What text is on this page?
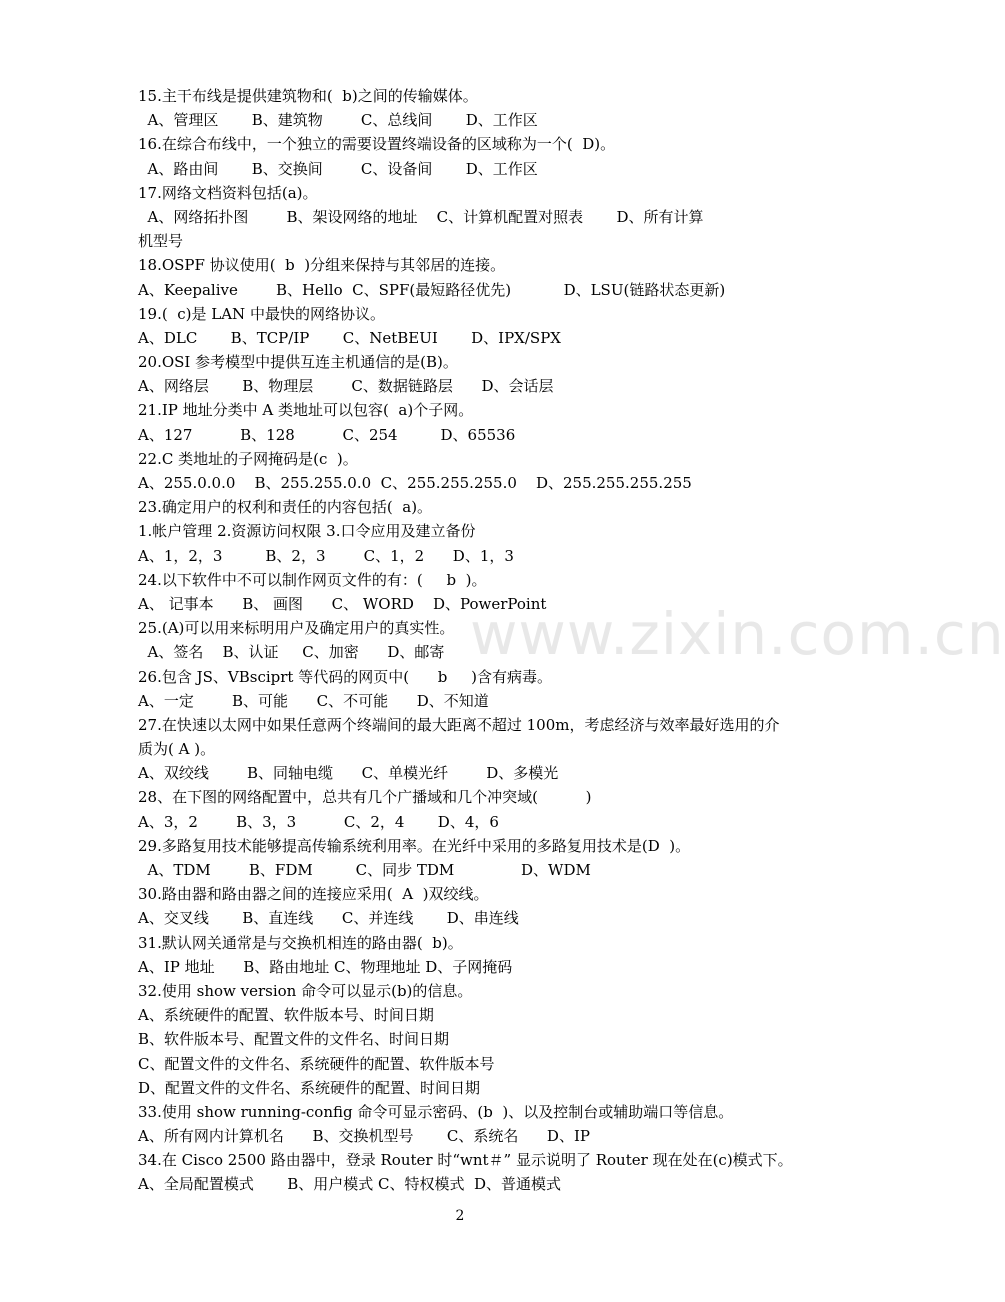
www.zixin.com.cn
15.主干布线是提供建筑物和(  b)之间的传输媒体。
A、管理区       B、建筑物        C、总线间       D、工作区
16.在综合布线中，一个独立的需要设置终端设备的区域称为一个(  D)。
A、路由间       B、交换间        C、设备间       D、工作区
17.网络文档资料包括(a)。
A、网络拓扑图        B、架设网络的地址    C、计算机配置对照表       D、所有计算
机型号
18.OSPF 协议使用(  b  )分组来保持与其邻居的连接。
A、Keepalive        B、Hello  C、SPF(最短路径优先)           D、LSU(链路状态更新)
19.(  c)是 LAN 中最快的网络协议。
A、DLC       B、TCP/IP       C、NetBEUI       D、IPX/SPX
20.OSI 参考模型中提供互连主机通信的是(B)。
A、网络层       B、物理层        C、数据链路层      D、会话层
21.IP 地址分类中 A 类地址可以包容(  a)个子网。
A、127          B、128          C、254         D、65536
22.C 类地址的子网掩码是(c  )。
A、255.0.0.0    B、255.255.0.0  C、255.255.255.0    D、255.255.255.255
23.确定用户的权利和责任的内容包括(  a)。
1.帐户管理 2.资源访问权限 3.口令应用及建立备份
A、1，2，3         B、2，3        C、1，2      D、1，3
24.以下软件中不可以制作网页文件的有：(     b  )。
A、 记事本      B、 画图      C、 WORD    D、PowerPoint
25.(A)可以用来标明用户及确定用户的真实性。
A、签名    B、认证     C、加密      D、邮寄
26.包含 JS、VBsciprt 等代码的网页中(      b     )含有病毒。
A、一定        B、可能      C、不可能      D、不知道
27.在快速以太网中如果任意两个终端间的最大距离不超过 100m，考虑经济与效率最好选用的介
质为( A )。
A、双绞线        B、同轴电缆      C、单模光纤        D、多模光
28、在下图的网络配置中，总共有几个广播域和几个冲突域(          )
A、3，2        B、3，3          C、2，4       D、4，6
29.多路复用技术能够提高传输系统利用率。在光纤中采用的多路复用技术是(D  )。
A、TDM        B、FDM         C、同步 TDM              D、WDM
30.路由器和路由器之间的连接应采用(  A  )双绞线。
A、交叉线       B、直连线      C、并连线       D、串连线
31.默认网关通常是与交换机相连的路由器(  b)。
A、IP 地址      B、路由地址 C、物理地址 D、子网掩码
32.使用 show version 命令可以显示(b)的信息。
A、系统硬件的配置、软件版本号、时间日期
B、软件版本号、配置文件的文件名、时间日期
C、配置文件的文件名、系统硬件的配置、软件版本号
D、配置文件的文件名、系统硬件的配置、时间日期
33.使用 show running-config 命令可显示密码、(b  )、以及控制台或辅助端口等信息。
A、所有网内计算机名      B、交换机型号       C、系统名      D、IP
34.在 Cisco 2500 路由器中，登录 Router 时“wnt＃” 显示说明了 Router 现在处在(c)模式下。
A、全局配置模式       B、用户模式 C、特权模式  D、普通模式
2
